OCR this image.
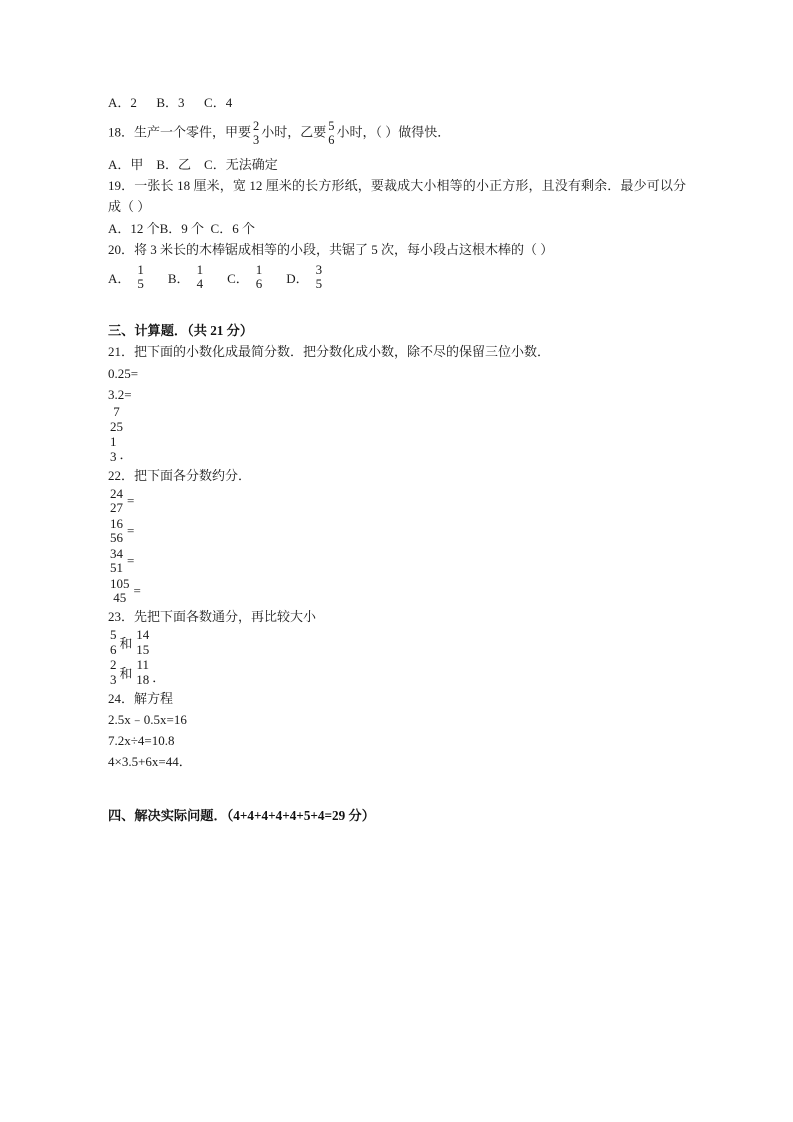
A．2      B．3      C．4
18．生产一个零件，甲要 2
3
小时，乙要 5
6
小时，（ ）做得快．
A．甲    B．乙    C．无法确定
19．一张长 18 厘米，宽 12 厘米的长方形纸，要裁成大小相等的小正方形，且没有剩余．最少可以分成（ ）
A．12 个B．9 个  C．6 个
20．将 3 米长的木棒锯成相等的小段，共锯了 5 次，每小段占这根木棒的（ ）
A．
1
5 B．
1
4 C．
1
6 D．
3
5
三、计算题．（共 21 分）
21．把下面的小数化成最简分数．把分数化成小数，除不尽的保留三位小数．
0.25=
3.2=
7
25
1
3 ．
22．把下面各分数约分．
24
27 =
16
56 =
34
51 =
105
45 =
23．先把下面各数通分，再比较大小
5
6 和
14
15
2
3 和
11
18 ．
24．解方程
2.5x﹣0.5x=16
7.2x÷4=10.8
4×3.5+6x=44．
四、解决实际问题．（4+4+4+4+4+5+4=29 分）
